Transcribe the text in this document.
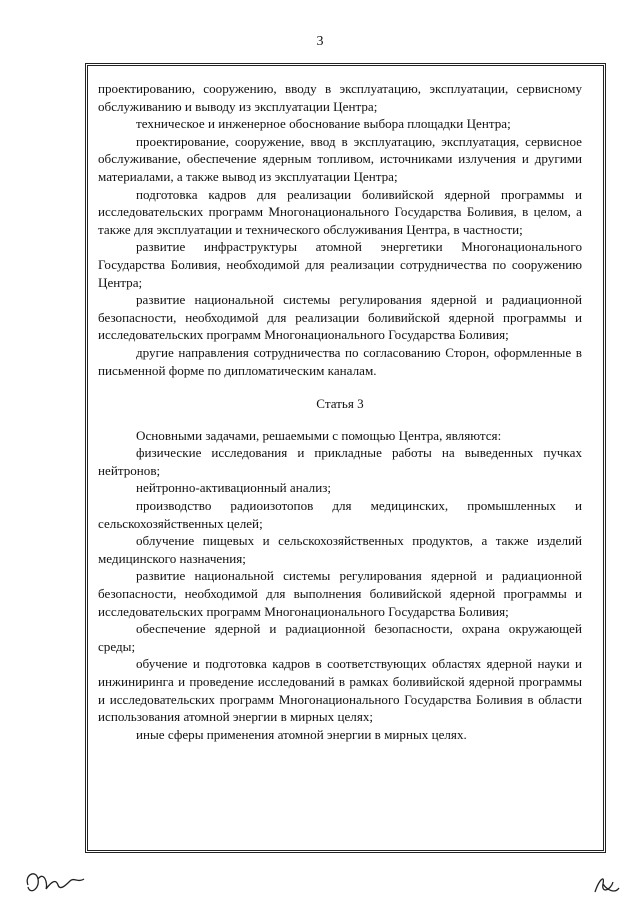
3

проектированию, сооружению, вводу в эксплуатацию, эксплуатации, сервисному обслуживанию и выводу из эксплуатации Центра;

техническое и инженерное обоснование выбора площадки Центра;

проектирование, сооружение, ввод в эксплуатацию, эксплуатация, сервисное обслуживание, обеспечение ядерным топливом, источниками излучения и другими материалами, а также вывод из эксплуатации Центра;

подготовка кадров для реализации боливийской ядерной программы и исследовательских программ Многонационального Государства Боливия, в целом, а также для эксплуатации и технического обслуживания Центра, в частности;

развитие инфраструктуры атомной энергетики Многонационального Государства Боливия, необходимой для реализации сотрудничества по сооружению Центра;

развитие национальной системы регулирования ядерной и радиационной безопасности, необходимой для реализации боливийской ядерной программы и исследовательских программ Многонационального Государства Боливия;

другие направления сотрудничества по согласованию Сторон, оформленные в письменной форме по дипломатическим каналам.

Статья 3

Основными задачами, решаемыми с помощью Центра, являются:

физические исследования и прикладные работы на выведенных пучках нейтронов;

нейтронно-активационный анализ;

производство радиоизотопов для медицинских, промышленных и сельскохозяйственных целей;

облучение пищевых и сельскохозяйственных продуктов, а также изделий медицинского назначения;

развитие национальной системы регулирования ядерной и радиационной безопасности, необходимой для выполнения боливийской ядерной программы и исследовательских программ Многонационального Государства Боливия;

обеспечение ядерной и радиационной безопасности, охрана окружающей среды;

обучение и подготовка кадров в соответствующих областях ядерной науки и инжиниринга и проведение исследований в рамках боливийской ядерной программы и исследовательских программ Многонационального Государства Боливия в области использования атомной энергии в мирных целях;

иные сферы применения атомной энергии в мирных целях.
